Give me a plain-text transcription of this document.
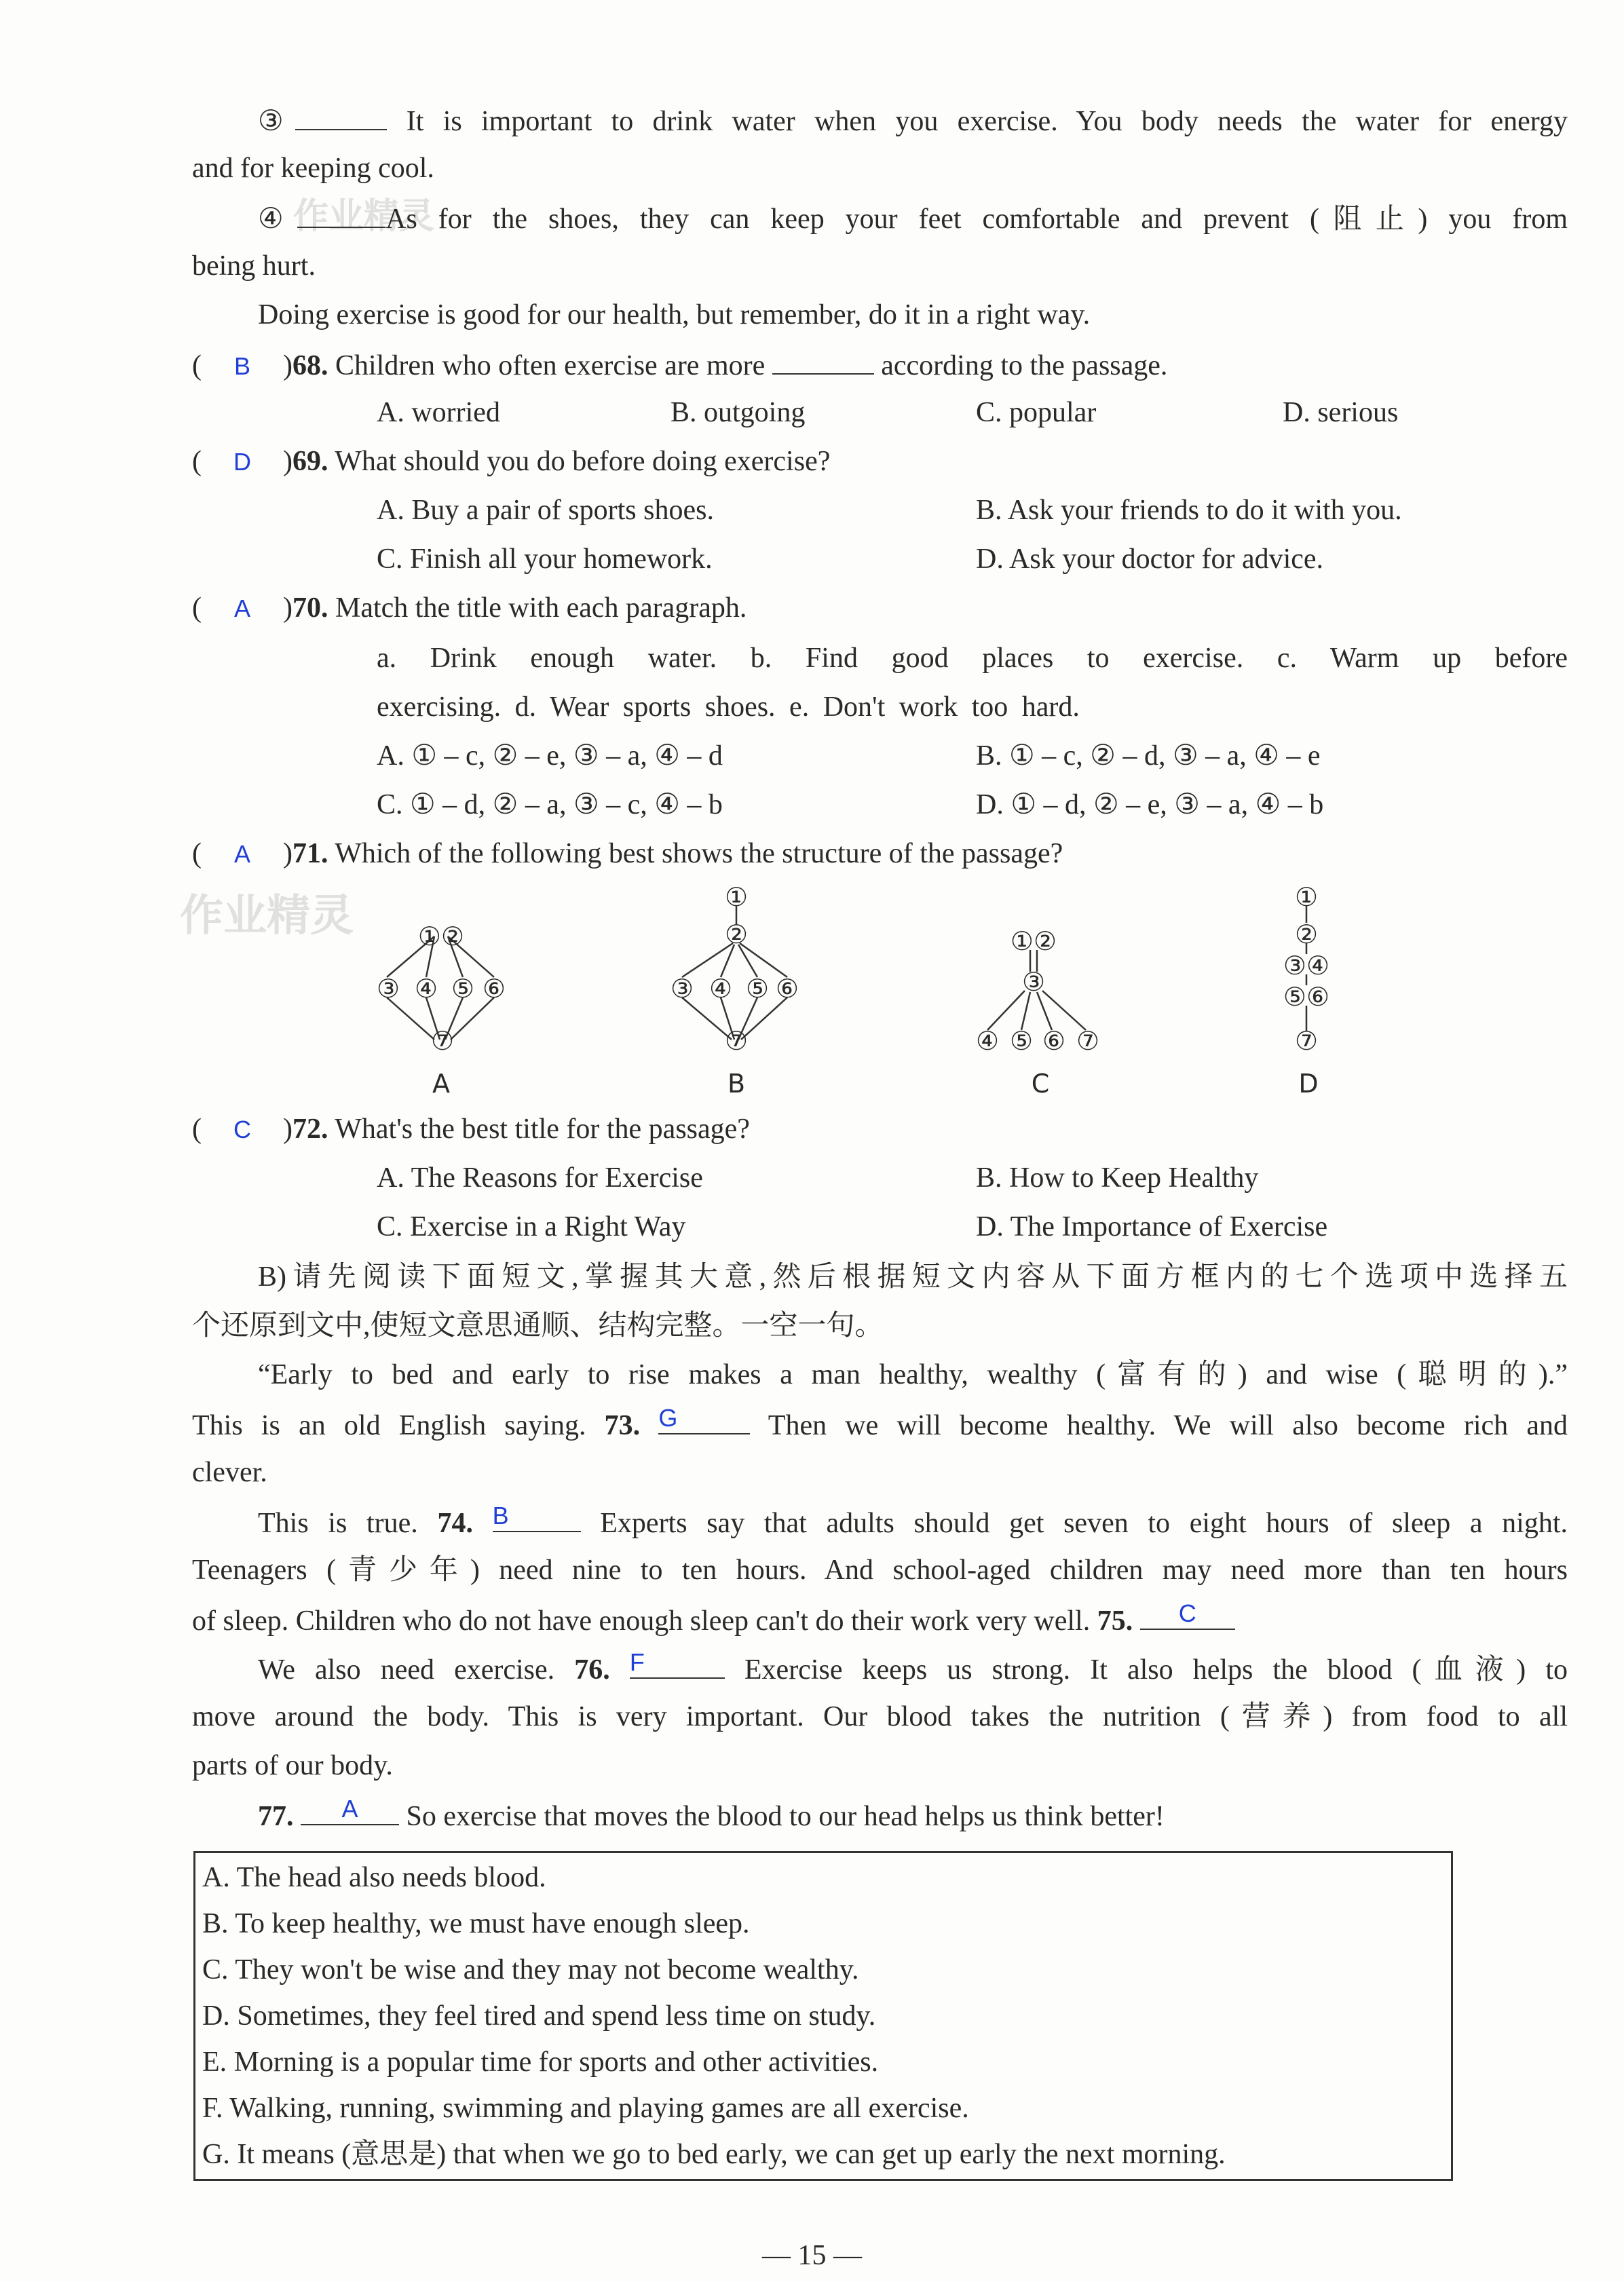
作业精灵
作业精灵
③	It is important to drink water when you exercise. You body needs the water for energy
and for keeping cool.
④	As for the shoes, they can keep your feet comfortable and prevent (阻止) you from
being hurt.
Doing exercise is good for our health, but remember, do it in a right way.
( B )68. Children who often exercise are more	according to the passage.
A. worried	B. outgoing	C. popular	D. serious
( D )69. What should you do before doing exercise?
A. Buy a pair of sports shoes.	B. Ask your friends to do it with you.
C. Finish all your homework.	D. Ask your doctor for advice.
( A )70. Match the title with each paragraph.
a. Drink enough water. b. Find good places to exercise. c. Warm up before
exercising. d. Wear sports shoes. e. Don't work too hard.
A. ① – c, ② – e, ③ – a, ④ – d	B. ① – c, ② – d, ③ – a, ④ – e
C. ① – d, ② – a, ③ – c, ④ – b	D. ① – d, ② – e, ③ – a, ④ – b
( A )71. Which of the following best shows the structure of the passage?
①②
③ ④ ⑤ ⑥
⑦
①
②
③ ④ ⑤ ⑥
⑦
①②
③
④ ⑤ ⑥ ⑦
①
②
③④
⑤⑥
⑦
A	B	C	D
( C )72. What's the best title for the passage?
A. The Reasons for Exercise	B. How to Keep Healthy
C. Exercise in a Right Way	D. The Importance of Exercise
B)请先阅读下面短文,掌握其大意,然后根据短文内容从下面方框内的七个选项中选择五
个还原到文中,使短文意思通顺、结构完整。一空一句。
“Early to bed and early to rise makes a man healthy, wealthy (富有的) and wise (聪明的).”
This is an old English saying. 73. G	Then we will become healthy. We will also become rich and
clever.
This is true. 74. B	Experts say that adults should get seven to eight hours of sleep a night.
Teenagers (青少年) need nine to ten hours. And school-aged children may need more than ten hours
of sleep. Children who do not have enough sleep can't do their work very well. 75.	C
We also need exercise. 76. F	Exercise keeps us strong. It also helps the blood (血液) to
move around the body. This is very important. Our blood takes the nutrition (营养) from food to all
parts of our body.
77.	A	So exercise that moves the blood to our head helps us think better!
A. The head also needs blood.
B. To keep healthy, we must have enough sleep.
C. They won't be wise and they may not become wealthy.
D. Sometimes, they feel tired and spend less time on study.
E. Morning is a popular time for sports and other activities.
F. Walking, running, swimming and playing games are all exercise.
G. It means (意思是) that when we go to bed early, we can get up early the next morning.
— 15 —
